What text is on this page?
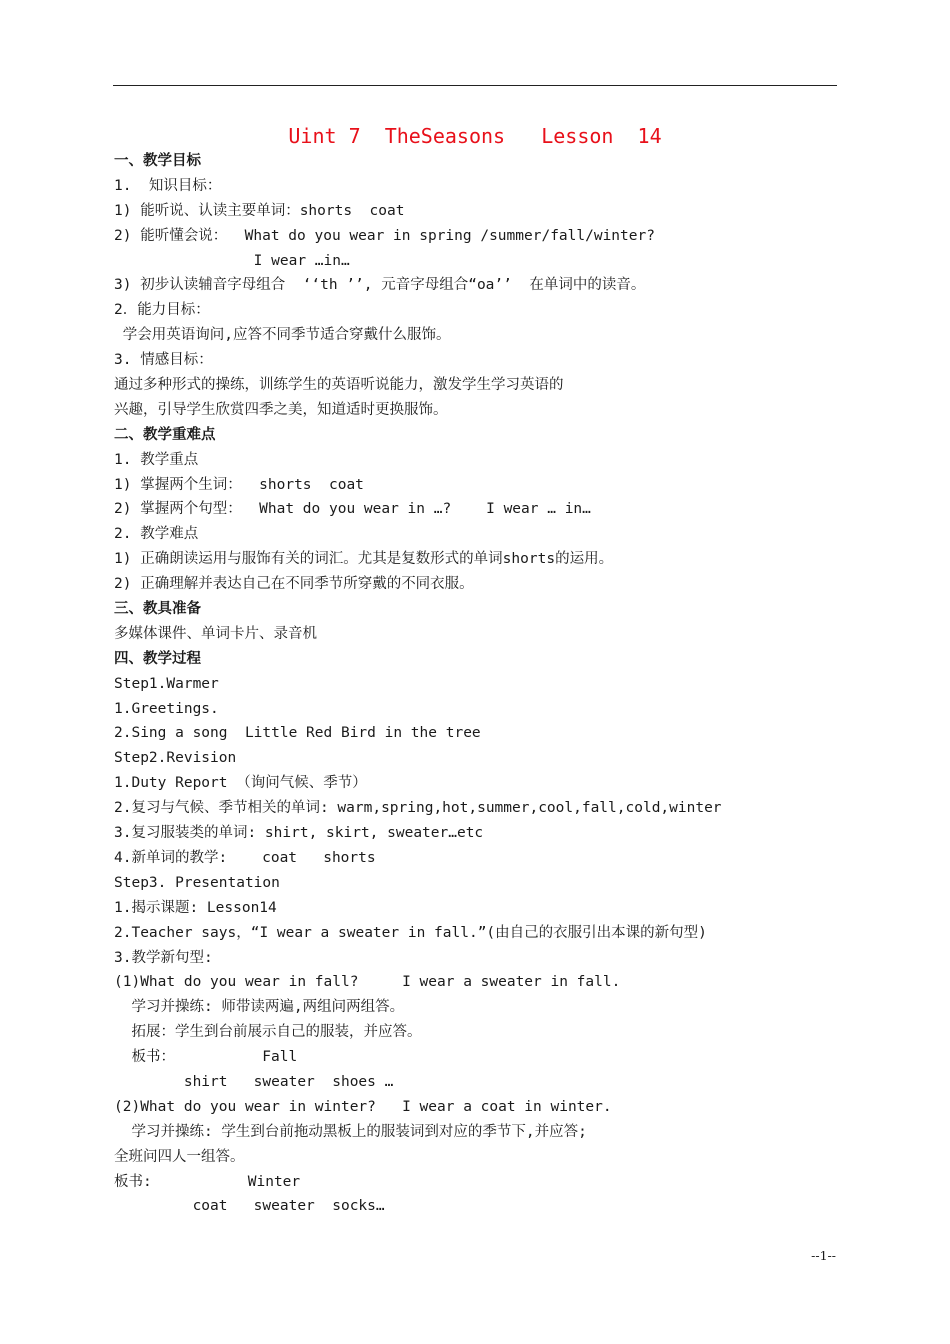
Uint 7  TheSeasons   Lesson  14
一、教学目标
1.  知识目标：
1) 能听说、认读主要单词：shorts  coat
2) 能听懂会说：  What do you wear in spring /summer/fall/winter?
I wear …in…
3) 初步认读辅音字母组合  ‘‘th ’’, 元音字母组合“oa’’  在单词中的读音。
2．能力目标：
学会用英语询问,应答不同季节适合穿戴什么服饰。
3. 情感目标：
通过多种形式的操练，训练学生的英语听说能力，激发学生学习英语的
兴趣，引导学生欣赏四季之美，知道适时更换服饰。
二、教学重难点
1. 教学重点
1) 掌握两个生词：  shorts  coat
2) 掌握两个句型：  What do you wear in …?    I wear … in…
2. 教学难点
1) 正确朗读运用与服饰有关的词汇。尤其是复数形式的单词shorts的运用。
2) 正确理解并表达自己在不同季节所穿戴的不同衣服。
三、教具准备
多媒体课件、单词卡片、录音机
四、教学过程
Step1.Warmer
1.Greetings.
2.Sing a song  Little Red Bird in the tree
Step2.Revision
1.Duty Report （询问气候、季节）
2.复习与气候、季节相关的单词: warm,spring,hot,summer,cool,fall,cold,winter
3.复习服装类的单词: shirt, skirt, sweater…etc
4.新单词的教学:    coat   shorts
Step3. Presentation
1.揭示课题: Lesson14
2.Teacher says，“I wear a sweater in fall.”(由自己的衣服引出本课的新句型)
3.教学新句型:
(1)What do you wear in fall?     I wear a sweater in fall.
学习并操练: 师带读两遍,两组问两组答。
拓展：学生到台前展示自己的服装，并应答。
板书：          Fall
shirt   sweater  shoes …
(2)What do you wear in winter?   I wear a coat in winter.
学习并操练: 学生到台前拖动黑板上的服装词到对应的季节下,并应答;
全班问四人一组答。
板书:           Winter
coat   sweater  socks…
--1--
